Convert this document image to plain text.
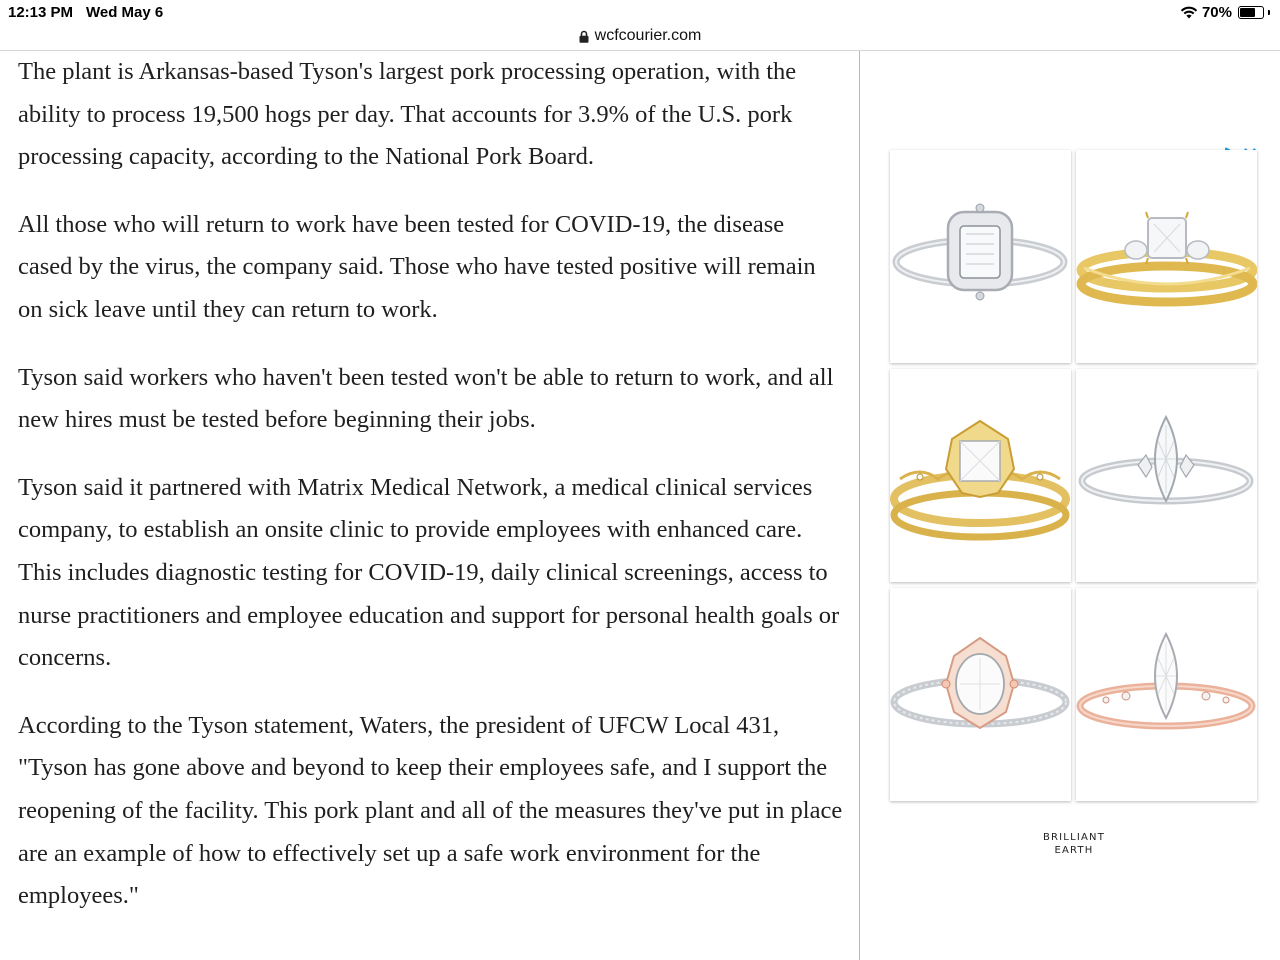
12:13 PM Wed May 6	70%
wcfcourier.com

The plant is Arkansas-based Tyson's largest pork processing operation, with the ability to process 19,500 hogs per day. That accounts for 3.9% of the U.S. pork processing capacity, according to the National Pork Board.

All those who will return to work have been tested for COVID-19, the disease cased by the virus, the company said. Those who have tested positive will remain on sick leave until they can return to work.

Tyson said workers who haven't been tested won't be able to return to work, and all new hires must be tested before beginning their jobs.

Tyson said it partnered with Matrix Medical Network, a medical clinical services company, to establish an onsite clinic to provide employees with enhanced care. This includes diagnostic testing for COVID-19, daily clinical screenings, access to nurse practitioners and employee education and support for personal health goals or concerns.

According to the Tyson statement, Waters, the president of UFCW Local 431, "Tyson has gone above and beyond to keep their employees safe, and I support the reopening of the facility. This pork plant and all of the measures they've put in place are an example of how to effectively set up a safe work environment for the employees."

BRILLIANT
EARTH
